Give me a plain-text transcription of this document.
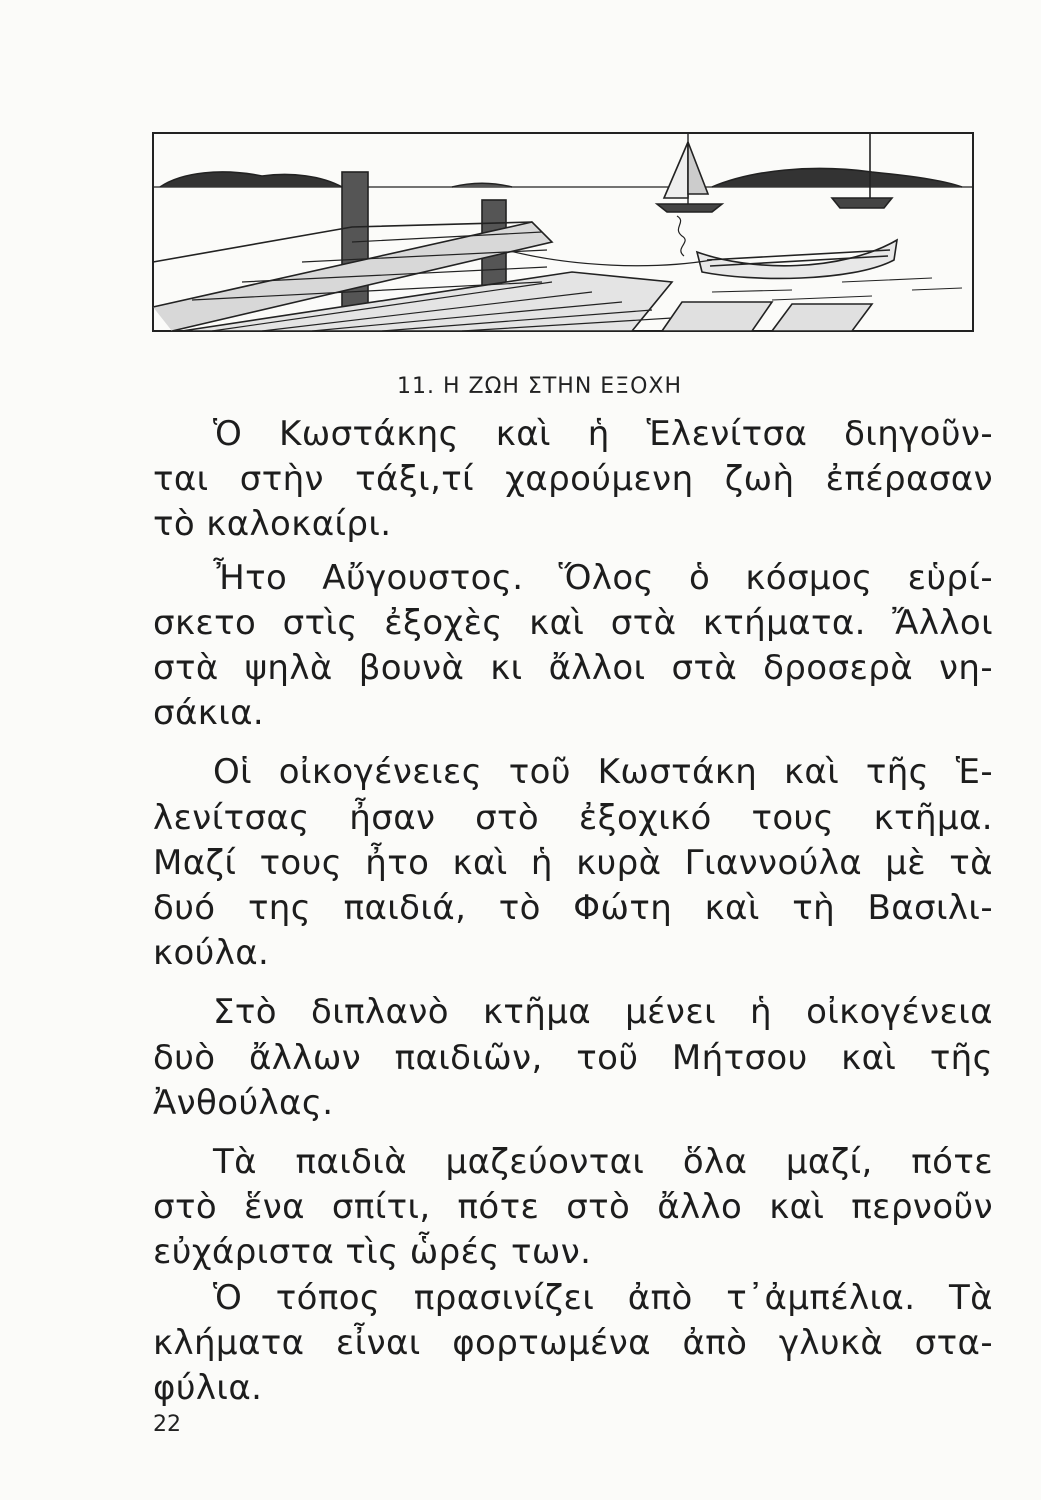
11. Η ΖΩΗ ΣΤΗΝ ΕΞΟΧΗ

Ὁ Κωστάκης καὶ ἡ Ἑλενίτσα διηγοῦν-
ται στὴν τάξι,τί χαρούμενη ζωὴ ἐπέρασαν
τὸ καλοκαίρι.

Ἦτο Αὔγουστος. Ὅλος ὁ κόσμος εὑρί-
σκετο στὶς ἐξοχὲς καὶ στὰ κτήματα. Ἄλλοι
στὰ ψηλὰ βουνὰ κι ἄλλοι στὰ δροσερὰ νη-
σάκια.

Οἱ οἰκογένειες τοῦ Κωστάκη καὶ τῆς Ἑ-
λενίτσας ἦσαν στὸ ἐξοχικό τους κτῆμα.
Μαζί τους ἦτο καὶ ἡ κυρὰ Γιαννούλα μὲ τὰ
δυό της παιδιά, τὸ Φώτη καὶ τὴ Βασιλι-
κούλα.

Στὸ διπλανὸ κτῆμα μένει ἡ οἰκογένεια
δυὸ ἄλλων παιδιῶν, τοῦ Μήτσου καὶ τῆς
Ἀνθούλας.

Τὰ παιδιὰ μαζεύονται ὅλα μαζί, πότε
στὸ ἕνα σπίτι, πότε στὸ ἄλλο καὶ περνοῦν
εὐχάριστα τὶς ὧρές των.

Ὁ τόπος πρασινίζει ἀπὸ τ᾿ἀμπέλια. Τὰ
κλήματα εἶναι φορτωμένα ἀπὸ γλυκὰ στα-
φύλια.

22
